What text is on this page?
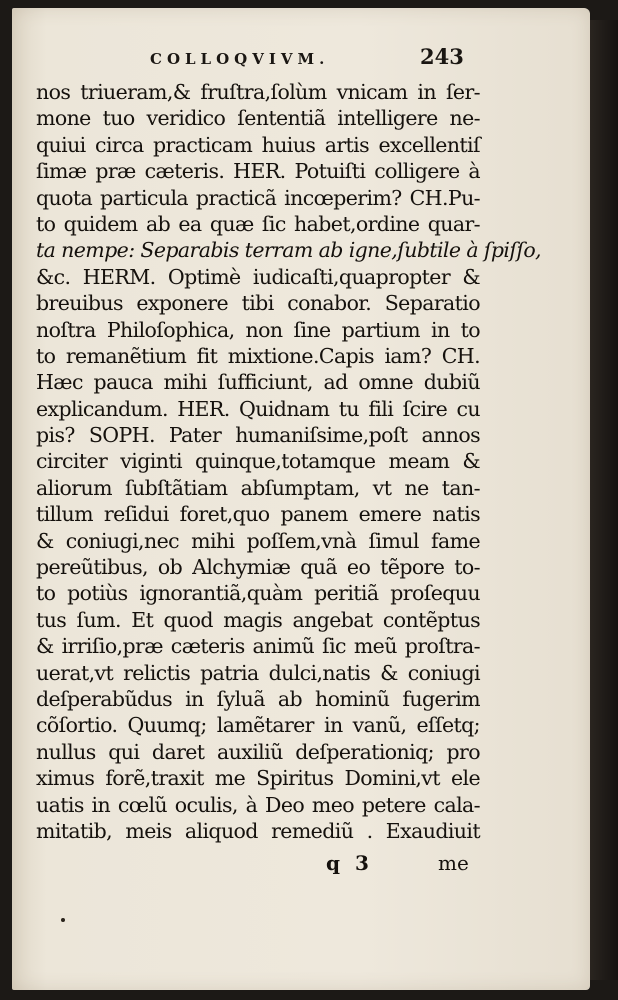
COLLOQVIVM.	243
nos triueram,& fruſtra,ſolùm vnicam in ſer-
mone tuo veridico ſententiã intelligere ne-
quiui circa practicam huius artis excellentiſ
ſimæ præ cæteris. HER. Potuiſti colligere à
quota particula practicã incœperim? CH.Pu-
to quidem ab ea quæ ſic habet,ordine quar-
ta nempe: Separabis terram ab igne,ſubtile à ſpiſſo,
&c. HERM. Optimè iudicaſti,quapropter &
breuibus exponere tibi conabor. Separatio
noſtra Philoſophica, non ſine partium in to
to remanẽtium fit mixtione.Capis iam? CH.
Hæc pauca mihi ſufficiunt, ad omne dubiũ
explicandum. HER. Quidnam tu fili ſcire cu
pis? SOPH. Pater humaniſsime,poſt annos
circiter viginti quinque,totamque meam &
aliorum ſubſtãtiam abſumptam, vt ne tan-
tillum reſidui foret,quo panem emere natis
& coniugi,nec mihi poſſem,vnà ſimul fame
pereũtibus, ob Alchymiæ quã eo tẽpore to-
to potiùs ignorantiã,quàm peritiã proſequu
tus ſum. Et quod magis angebat contẽptus
& irriſio,præ cæteris animũ ſic meũ proſtra-
uerat,vt relictis patria dulci,natis & coniugi
deſperabũdus in ſyluã ab hominũ fugerim
cõſortio. Quumq; lamẽtarer in vanũ, eſſetq;
nullus qui daret auxiliũ deſperationiq; pro
ximus forẽ,traxit me Spiritus Domini,vt ele
uatis in cœlũ oculis, à Deo meo petere cala-
mitatib, meis aliquod remediũ . Exaudiuit
q 3	me
